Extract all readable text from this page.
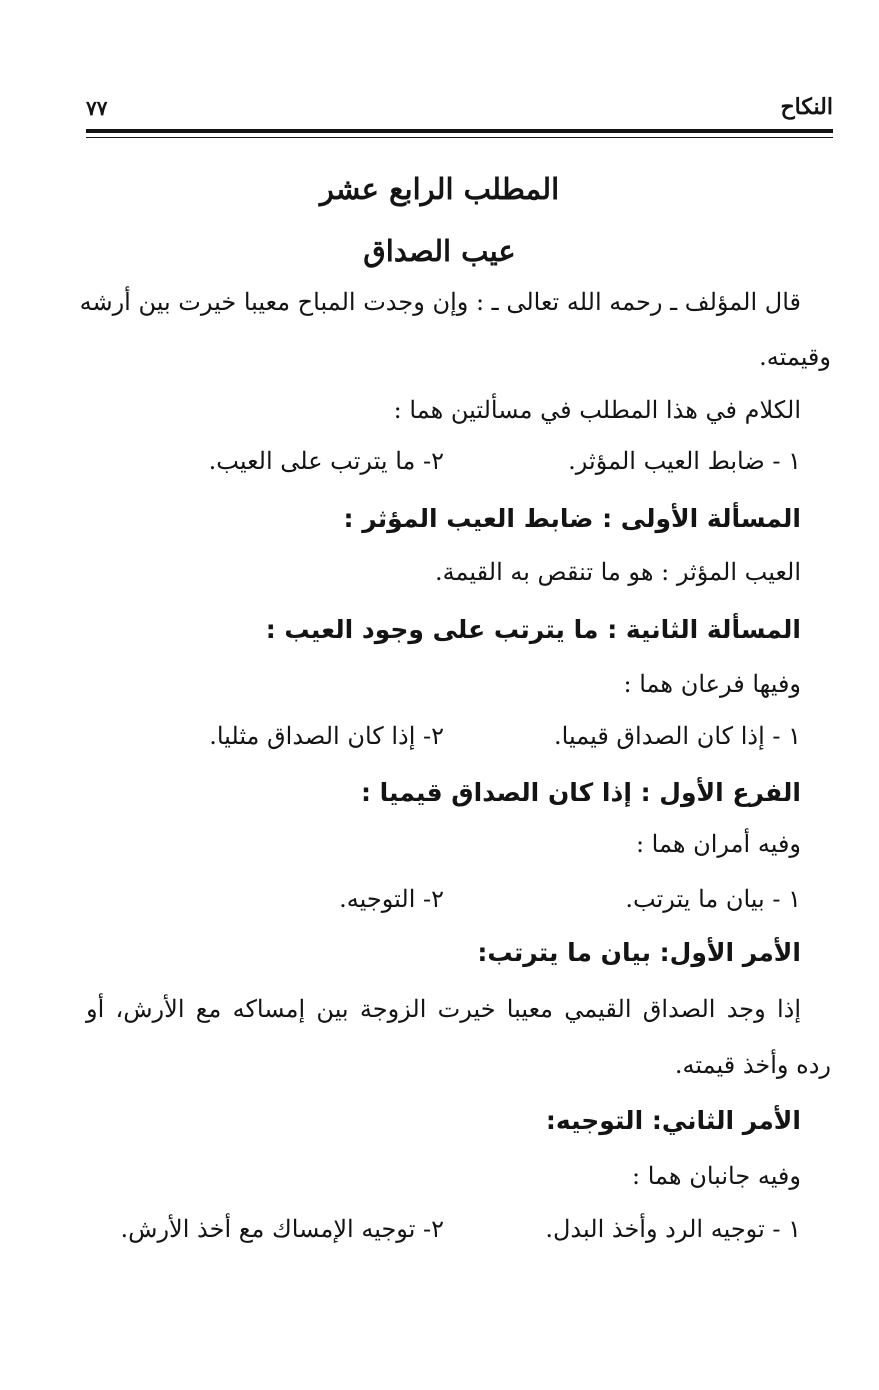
النكاح
٧٧
المطلب الرابع عشر
عيب الصداق
قال المؤلف ـ رحمه الله تعالى ـ : وإن وجدت المباح معيبا خيرت بين أرشه
وقيمته.
الكلام في هذا المطلب في مسألتين هما :
١ - ضابط العيب المؤثر.
٢- ما يترتب على العيب.
المسألة الأولى : ضابط العيب المؤثر :
العيب المؤثر : هو ما تنقص به القيمة.
المسألة الثانية : ما يترتب على وجود العيب :
وفيها فرعان هما :
١ - إذا كان الصداق قيميا.
٢- إذا كان الصداق مثليا.
الفرع الأول : إذا كان الصداق قيميا :
وفيه أمران هما :
١ - بيان ما يترتب.
٢- التوجيه.
الأمر الأول: بيان ما يترتب:
إذا وجد الصداق القيمي معيبا خيرت الزوجة بين إمساكه مع الأرش، أو
رده وأخذ قيمته.
الأمر الثاني: التوجيه:
وفيه جانبان هما :
١ - توجيه الرد وأخذ البدل.
٢- توجيه الإمساك مع أخذ الأرش.
